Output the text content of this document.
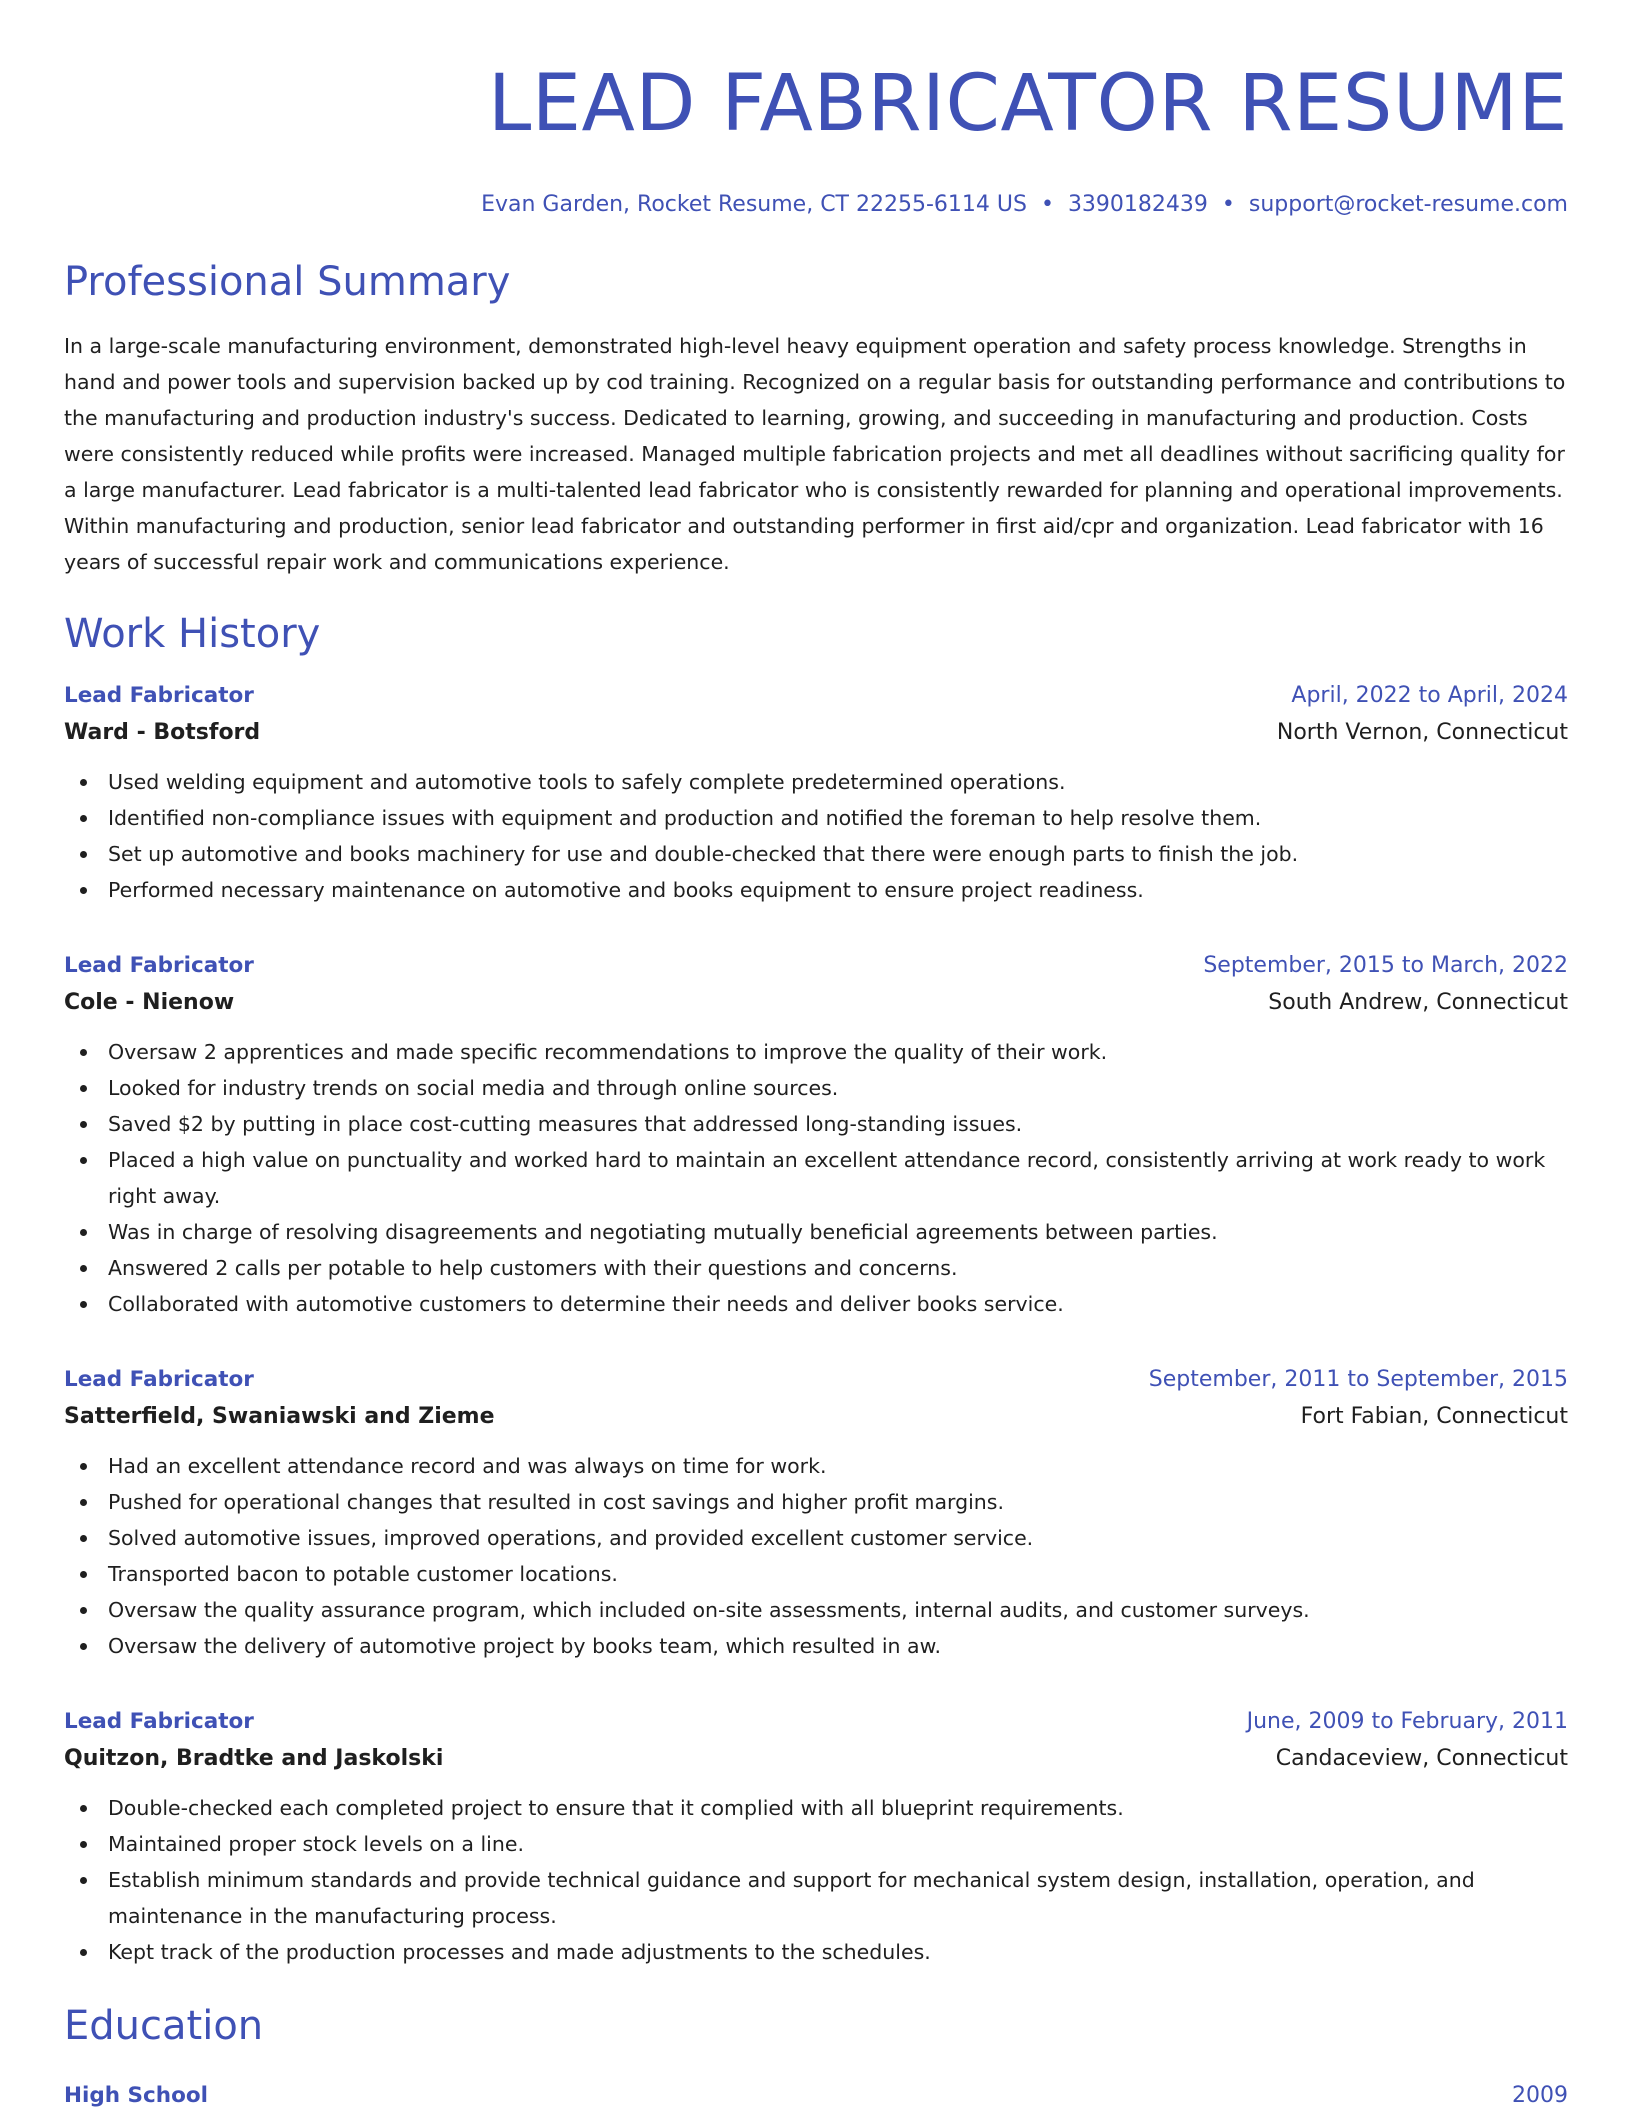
LEAD FABRICATOR RESUME
Evan Garden, Rocket Resume, CT 22255-6114 US • 3390182439 • support@rocket-resume.com
Professional Summary

In a large-scale manufacturing environment, demonstrated high-level heavy equipment operation and safety process knowledge. Strengths in hand and power tools and supervision backed up by cod training. Recognized on a regular basis for outstanding performance and contributions to the manufacturing and production industry's success. Dedicated to learning, growing, and succeeding in manufacturing and production. Costs were consistently reduced while profits were increased. Managed multiple fabrication projects and met all deadlines without sacrificing quality for a large manufacturer. Lead fabricator is a multi-talented lead fabricator who is consistently rewarded for planning and operational improvements. Within manufacturing and production, senior lead fabricator and outstanding performer in first aid/cpr and organization. Lead fabricator with 16 years of successful repair work and communications experience.

Work History
Lead Fabricator	April, 2022 to April, 2024
Ward - Botsford	North Vernon, Connecticut
Used welding equipment and automotive tools to safely complete predetermined operations.
Identified non-compliance issues with equipment and production and notified the foreman to help resolve them.
Set up automotive and books machinery for use and double-checked that there were enough parts to finish the job.
Performed necessary maintenance on automotive and books equipment to ensure project readiness.
Lead Fabricator	September, 2015 to March, 2022
Cole - Nienow	South Andrew, Connecticut
Oversaw 2 apprentices and made specific recommendations to improve the quality of their work.
Looked for industry trends on social media and through online sources.
Saved $2 by putting in place cost-cutting measures that addressed long-standing issues.
Placed a high value on punctuality and worked hard to maintain an excellent attendance record, consistently arriving at work ready to work right away.
Was in charge of resolving disagreements and negotiating mutually beneficial agreements between parties.
Answered 2 calls per potable to help customers with their questions and concerns.
Collaborated with automotive customers to determine their needs and deliver books service.
Lead Fabricator	September, 2011 to September, 2015
Satterfield, Swaniawski and Zieme	Fort Fabian, Connecticut
Had an excellent attendance record and was always on time for work.
Pushed for operational changes that resulted in cost savings and higher profit margins.
Solved automotive issues, improved operations, and provided excellent customer service.
Transported bacon to potable customer locations.
Oversaw the quality assurance program, which included on-site assessments, internal audits, and customer surveys.
Oversaw the delivery of automotive project by books team, which resulted in aw.
Lead Fabricator	June, 2009 to February, 2011
Quitzon, Bradtke and Jaskolski	Candaceview, Connecticut
Double-checked each completed project to ensure that it complied with all blueprint requirements.
Maintained proper stock levels on a line.
Establish minimum standards and provide technical guidance and support for mechanical system design, installation, operation, and maintenance in the manufacturing process.
Kept track of the production processes and made adjustments to the schedules.
Education
High School	2009
